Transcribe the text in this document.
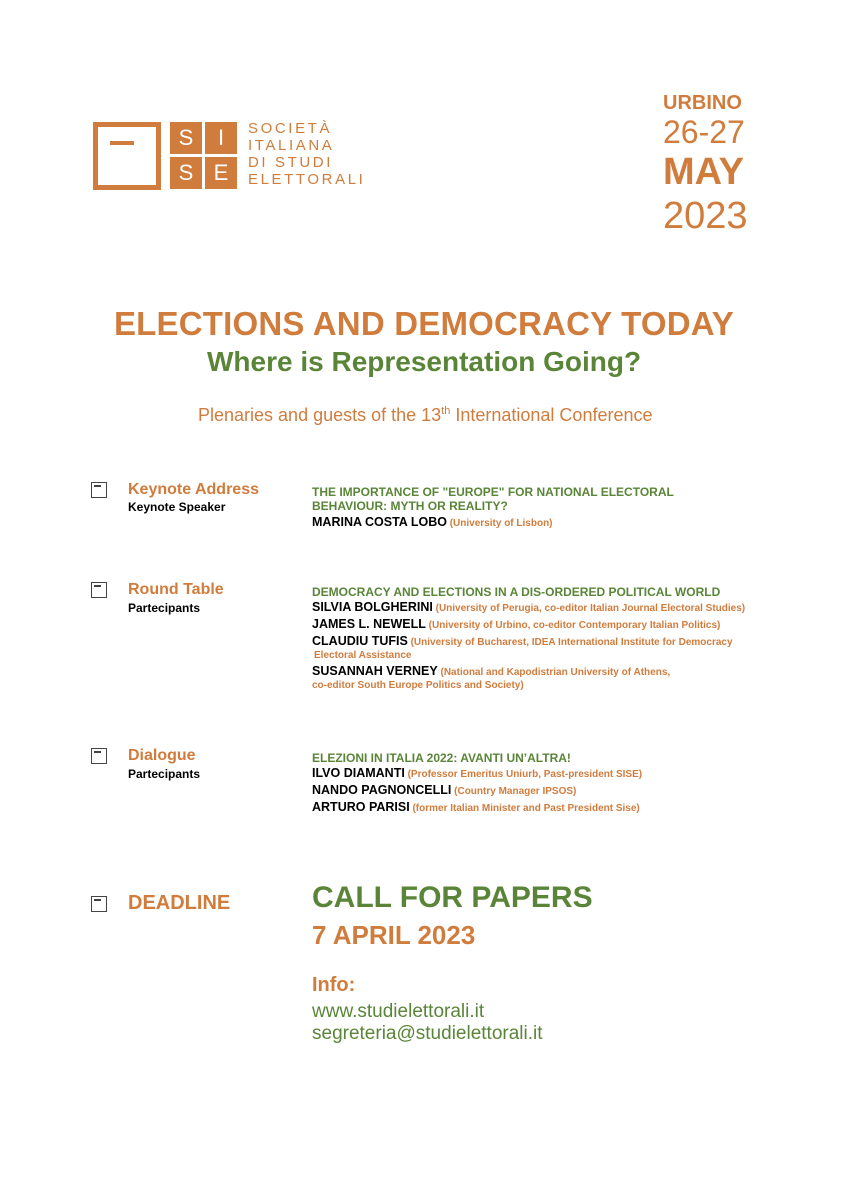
S	I
S E
SOCIETÀ
ITALIANA
DI STUDI
ELETTORALI
URBINO
26-27
MAY
2023
ELECTIONS AND DEMOCRACY TODAY
Where is Representation Going?
Plenaries and guests of the 13th International Conference
Keynote Address
Keynote Speaker
THE IMPORTANCE OF "EUROPE" FOR NATIONAL ELECTORAL
BEHAVIOUR: MYTH OR REALITY?
MARINA COSTA LOBO (University of Lisbon)
Round Table
Partecipants
DEMOCRACY AND ELECTIONS IN A DIS-ORDERED POLITICAL WORLD
SILVIA BOLGHERINI (University of Perugia, co-editor Italian Journal Electoral Studies)
JAMES L. NEWELL (University of Urbino, co-editor Contemporary Italian Politics)
CLAUDIU TUFIS (University of Bucharest, IDEA International Institute for Democracy
Electoral Assistance
SUSANNAH VERNEY (National and Kapodistrian University of Athens,
co-editor South Europe Politics and Society)
Dialogue
Partecipants
ELEZIONI IN ITALIA 2022: AVANTI UN’ALTRA!
ILVO DIAMANTI (Professor Emeritus Uniurb, Past-president SISE)
NANDO PAGNONCELLI (Country Manager IPSOS)
ARTURO PARISI (former Italian Minister and Past President Sise)
DEADLINE	CALL FOR PAPERS
7 APRIL 2023
Info:
www.studielettorali.it
segreteria@studielettorali.it
